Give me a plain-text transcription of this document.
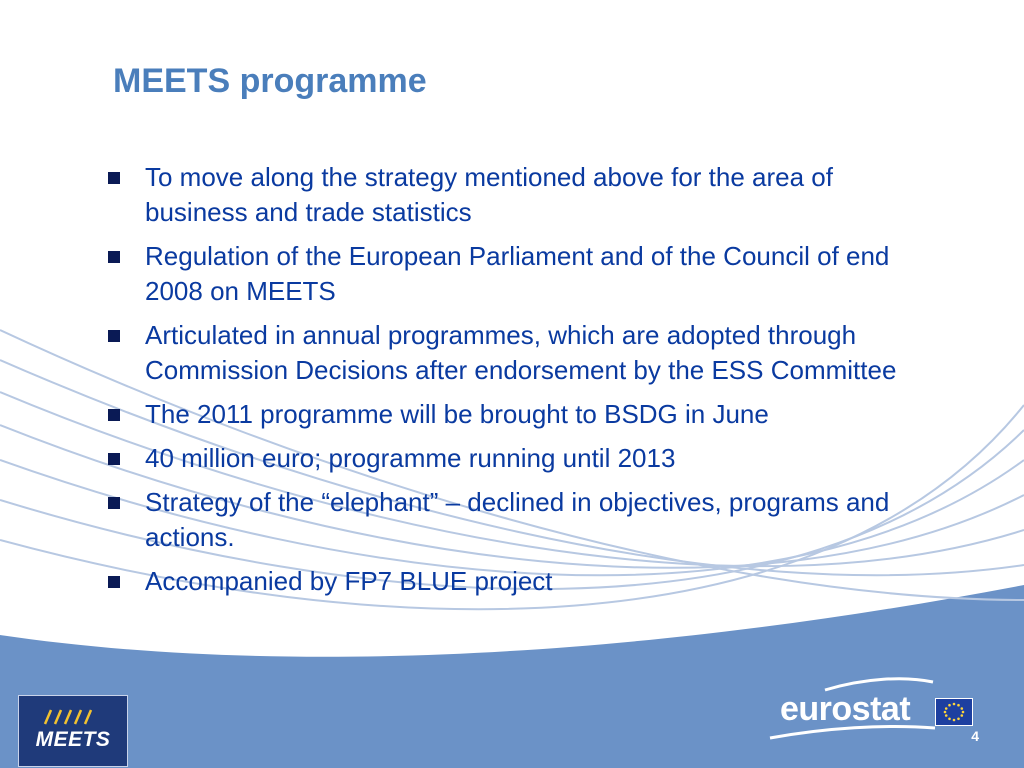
MEETS programme
To move along the strategy mentioned above for the area of business and trade statistics
Regulation of the European Parliament and of the Council of end 2008 on MEETS
Articulated in annual programmes, which are adopted through Commission Decisions after endorsement by the ESS Committee
The 2011 programme will be brought to BSDG in June
40 million euro; programme running until 2013
Strategy of the “elephant” – declined in objectives, programs and actions.
Accompanied by FP7 BLUE project
MEETS
eurostat
4
